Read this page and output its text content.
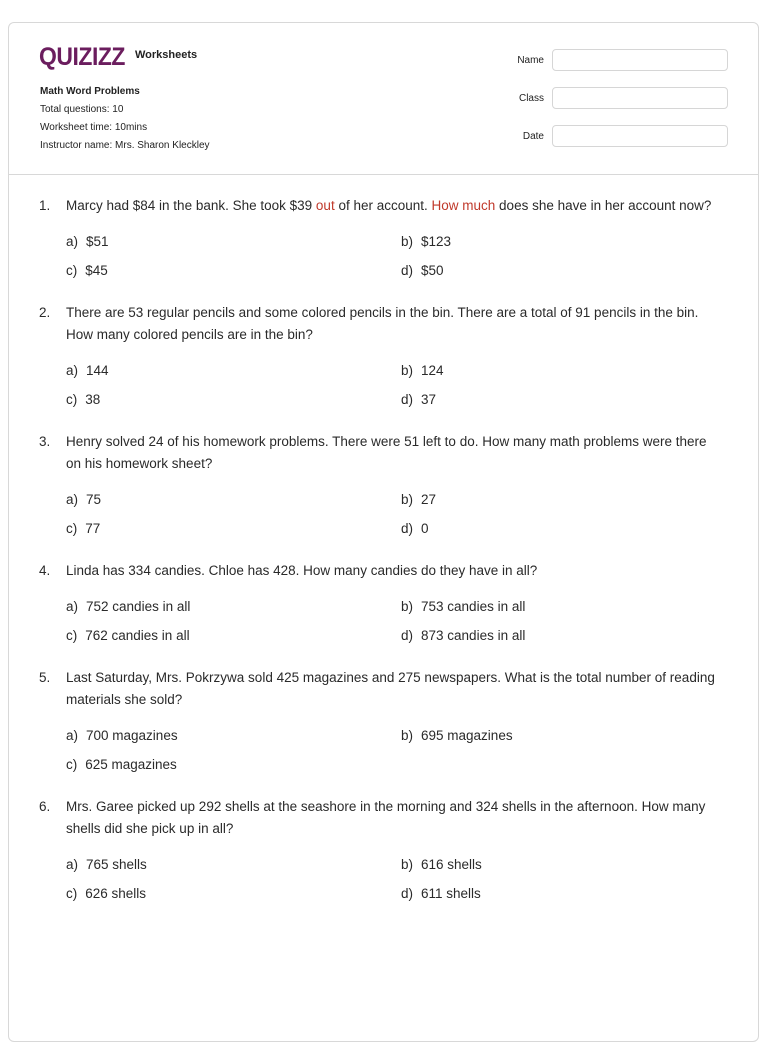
QUIZIZZ Worksheets
Math Word Problems
Total questions: 10
Worksheet time: 10mins
Instructor name: Mrs. Sharon Kleckley
Name
Class
Date
1.	Marcy had $84 in the bank. She took $39 out of her account. How much does she have in her account now?
a) $51	b) $123
c) $45	d) $50
2.	There are 53 regular pencils and some colored pencils in the bin. There are a total of 91 pencils in the bin. How many colored pencils are in the bin?
a) 144	b) 124
c) 38	d) 37
3.	Henry solved 24 of his homework problems. There were 51 left to do. How many math problems were there on his homework sheet?
a) 75	b) 27
c) 77	d) 0
4.	Linda has 334 candies. Chloe has 428. How many candies do they have in all?
a) 752 candies in all	b) 753 candies in all
c) 762 candies in all	d) 873 candies in all
5.	Last Saturday, Mrs. Pokrzywa sold 425 magazines and 275 newspapers. What is the total number of reading materials she sold?
a) 700 magazines	b) 695 magazines
c) 625 magazines
6.	Mrs. Garee picked up 292 shells at the seashore in the morning and 324 shells in the afternoon. How many shells did she pick up in all?
a) 765 shells	b) 616 shells
c) 626 shells	d) 611 shells
